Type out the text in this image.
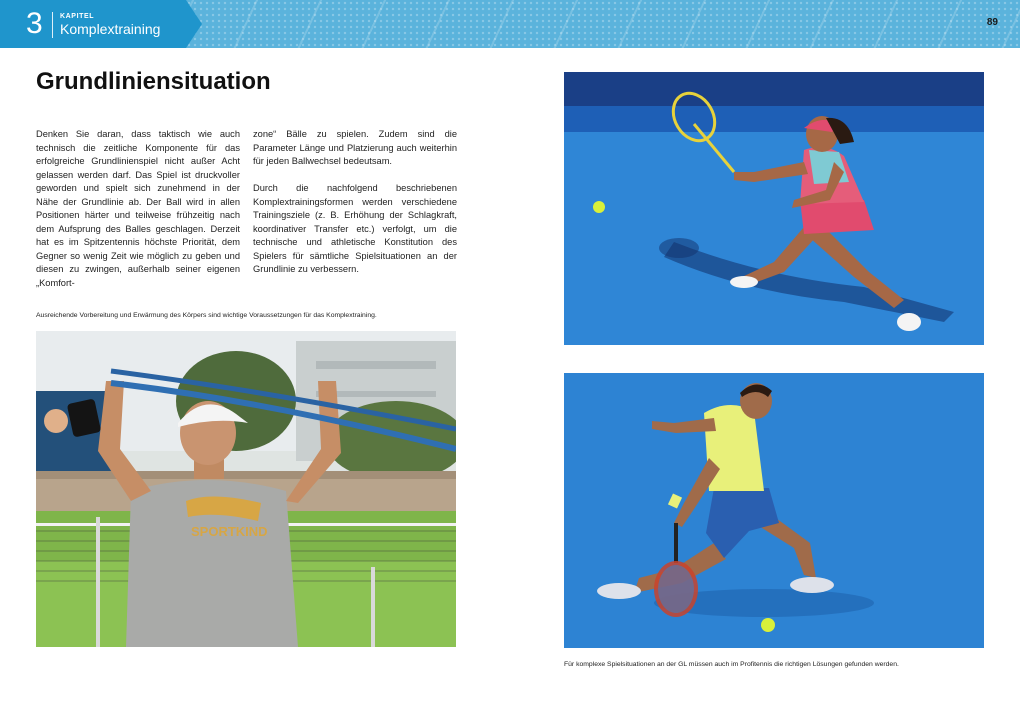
3 KAPITEL
Komplextraining	89
Grundliniensituation

Denken Sie daran, dass taktisch wie auch technisch die zeitliche Komponente für das erfolgreiche Grundlinienspiel nicht außer Acht gelassen werden darf. Das Spiel ist druckvoller geworden und spielt sich zunehmend in der Nähe der Grundlinie ab. Der Ball wird in allen Positionen härter und teilweise frühzeitig nach dem Aufsprung des Balles geschlagen. Derzeit hat es im Spitzentennis höchste Priorität, dem Gegner so wenig Zeit wie möglich zu geben und diesen zu zwingen, außerhalb seiner eigenen „Komfort-

zone“ Bälle zu spielen. Zudem sind die Parameter Länge und Platzierung auch weiterhin für jeden Ballwechsel bedeutsam.

Durch die nachfolgend beschriebenen Komplextrainingsformen werden verschiedene Trainingsziele (z. B. Erhöhung der Schlagkraft, koordinativer Transfer etc.) verfolgt, um die technische und athletische Konstitution des Spielers für sämtliche Spielsituationen an der Grundlinie zu verbessern.

Ausreichende Vorbereitung und Erwärmung des Körpers sind wichtige Voraussetzungen für das Komplextraining.
SPORTKIND
Für komplexe Spielsituationen an der GL müssen auch im Profitennis die richtigen Lösungen gefunden werden.
